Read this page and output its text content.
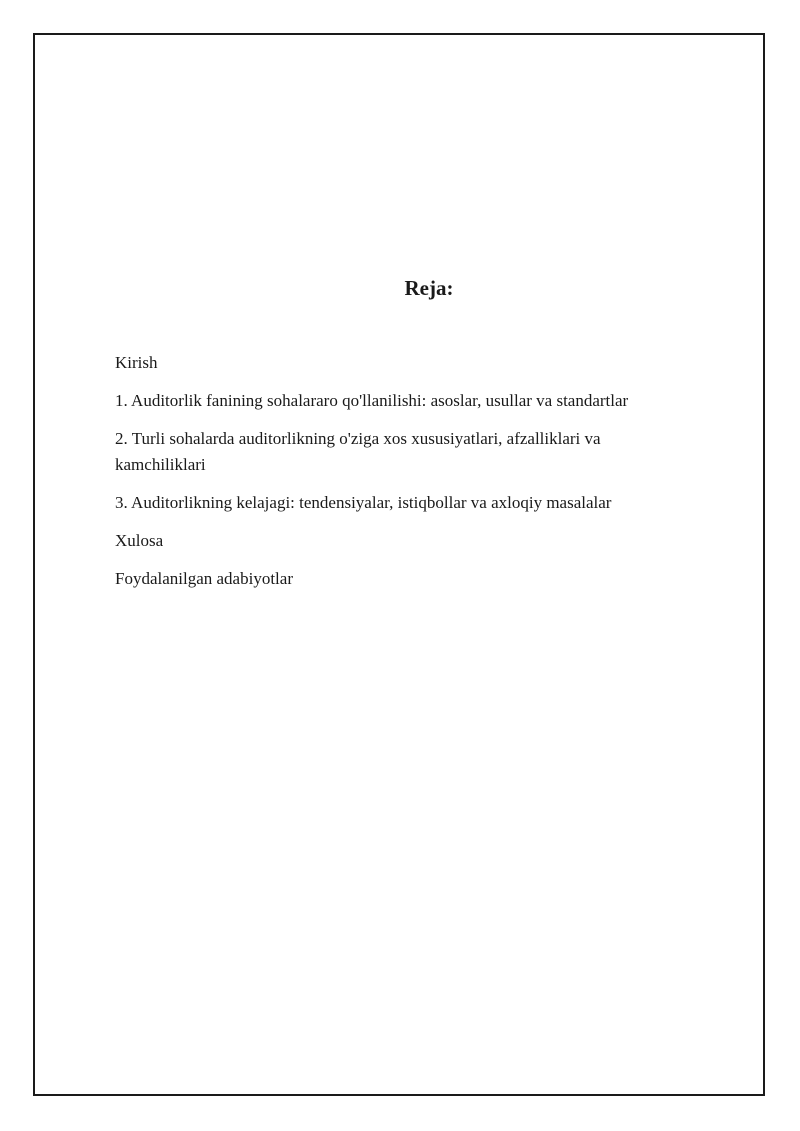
Reja:
Kirish
1. Auditorlik fanining sohalararo qo'llanilishi: asoslar, usullar va standartlar
2. Turli sohalarda auditorlikning o'ziga xos xususiyatlari, afzalliklari va kamchiliklari
3. Auditorlikning kelajagi: tendensiyalar, istiqbollar va axloqiy masalalar
Xulosa
Foydalanilgan adabiyotlar
